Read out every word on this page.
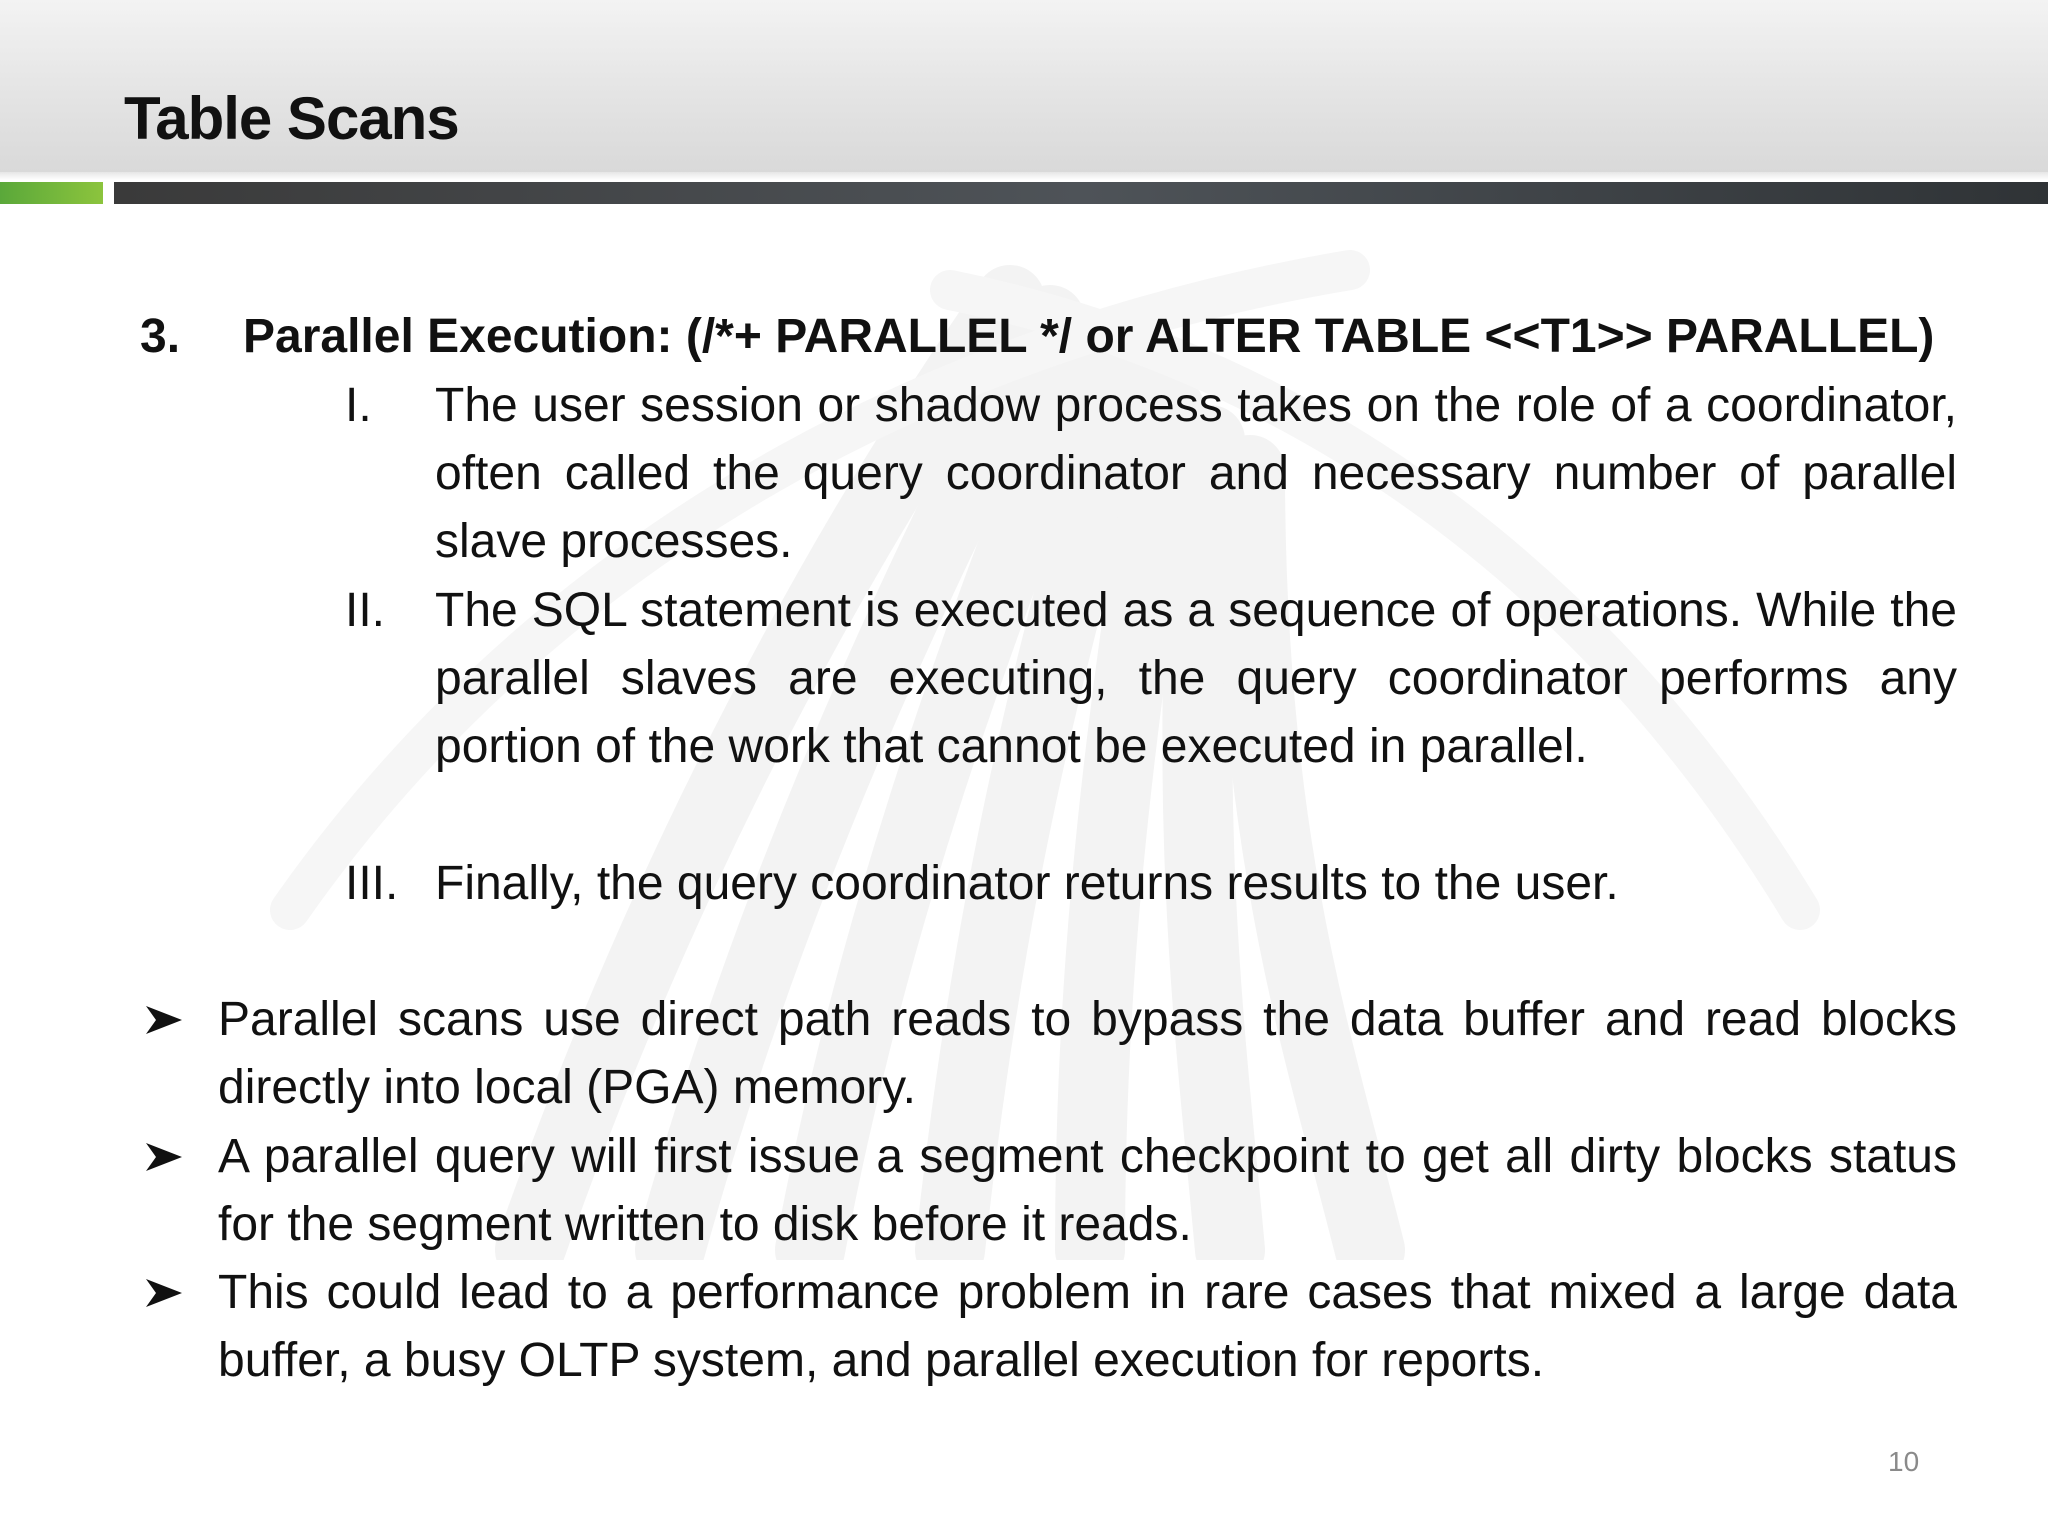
Table Scans
3. Parallel Execution: (/*+ PARALLEL */ or ALTER TABLE <<T1>> PARALLEL)
I. The user session or shadow process takes on the role of a coordinator, often called the query coordinator and necessary number of parallel slave processes.
II. The SQL statement is executed as a sequence of operations. While the parallel slaves are executing, the query coordinator performs any portion of the work that cannot be executed in parallel.
III. Finally, the query coordinator returns results to the user.
Parallel scans use direct path reads to bypass the data buffer and read blocks directly into local (PGA) memory.
A parallel query will first issue a segment checkpoint to get all dirty blocks status for the segment written to disk before it reads.
This could lead to a performance problem in rare cases that mixed a large data buffer, a busy OLTP system, and parallel execution for reports.
10
